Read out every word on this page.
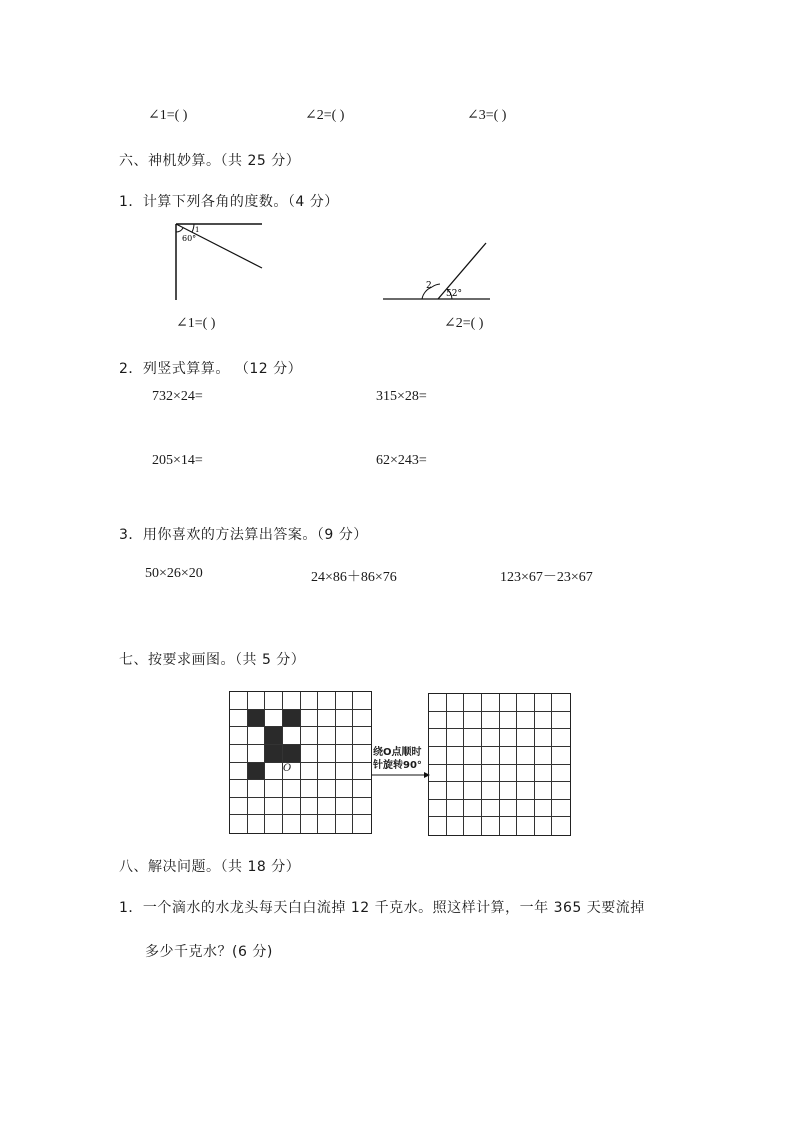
∠1=( )	∠2=( )	∠3=( )
六、神机妙算。（共 25 分）
1．计算下列各角的度数。（4 分）
60°
1
2
52°
∠1=( )	∠2=( )
2．列竖式算算。 （12 分）
732×24=	315×28=
205×14=	62×243=
3．用你喜欢的方法算出答案。（9 分）
50×26×20	24×86＋86×76	123×67－23×67
七、按要求画图。（共 5 分）
O
绕O点顺时
针旋转90°
八、解决问题。（共 18 分）
1．一个滴水的水龙头每天白白流掉 12 千克水。照这样计算，一年 365 天要流掉
多少千克水？(6 分)
